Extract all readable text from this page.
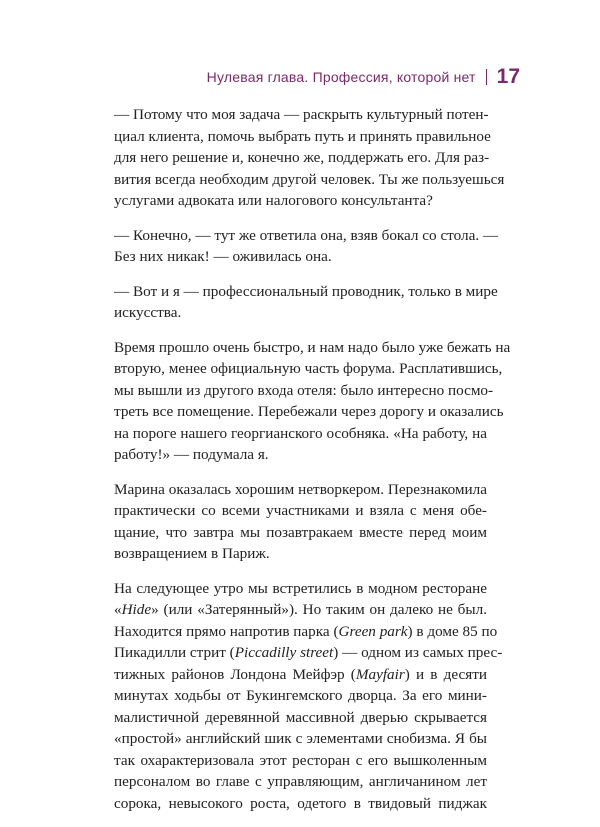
Нулевая глава. Профессия, которой нет 17

— Потому что моя задача — раскрыть культурный потен-
циал клиента, помочь выбрать путь и принять правильное
для него решение и, конечно же, поддержать его. Для раз-
вития всегда необходим другой человек. Ты же пользуешься
услугами адвоката или налогового консультанта?

— Конечно, — тут же ответила она, взяв бокал со стола. —
Без них никак! — оживилась она.

— Вот и я — профессиональный проводник, только в мире
искусства.

Время прошло очень быстро, и нам надо было уже бежать на
вторую, менее официальную часть форума. Расплатившись,
мы вышли из другого входа отеля: было интересно посмо-
треть все помещение. Перебежали через дорогу и оказались
на пороге нашего георгианского особняка. «На работу, на
работу!» — подумала я.

Марина оказалась хорошим нетворкером. Перезнакомила
практически со всеми участниками и взяла с меня обе-
щание, что завтра мы позавтракаем вместе перед моим
возвращением в Париж.

На следующее утро мы встретились в модном ресторане
«Hide» (или «Затерянный»). Но таким он далеко не был.
Находится прямо напротив парка (Green park) в доме 85 по
Пикадилли стрит (Piccadilly street) — одном из самых прес-
тижных районов Лондона Мейфэр (Mayfair) и в десяти
минутах ходьбы от Букингемского дворца. За его мини-
малистичной деревянной массивной дверью скрывается
«простой» английский шик с элементами снобизма. Я бы
так охарактеризовала этот ресторан с его вышколенным
персоналом во главе с управляющим, англичанином лет
сорока, невысокого роста, одетого в твидовый пиджак
